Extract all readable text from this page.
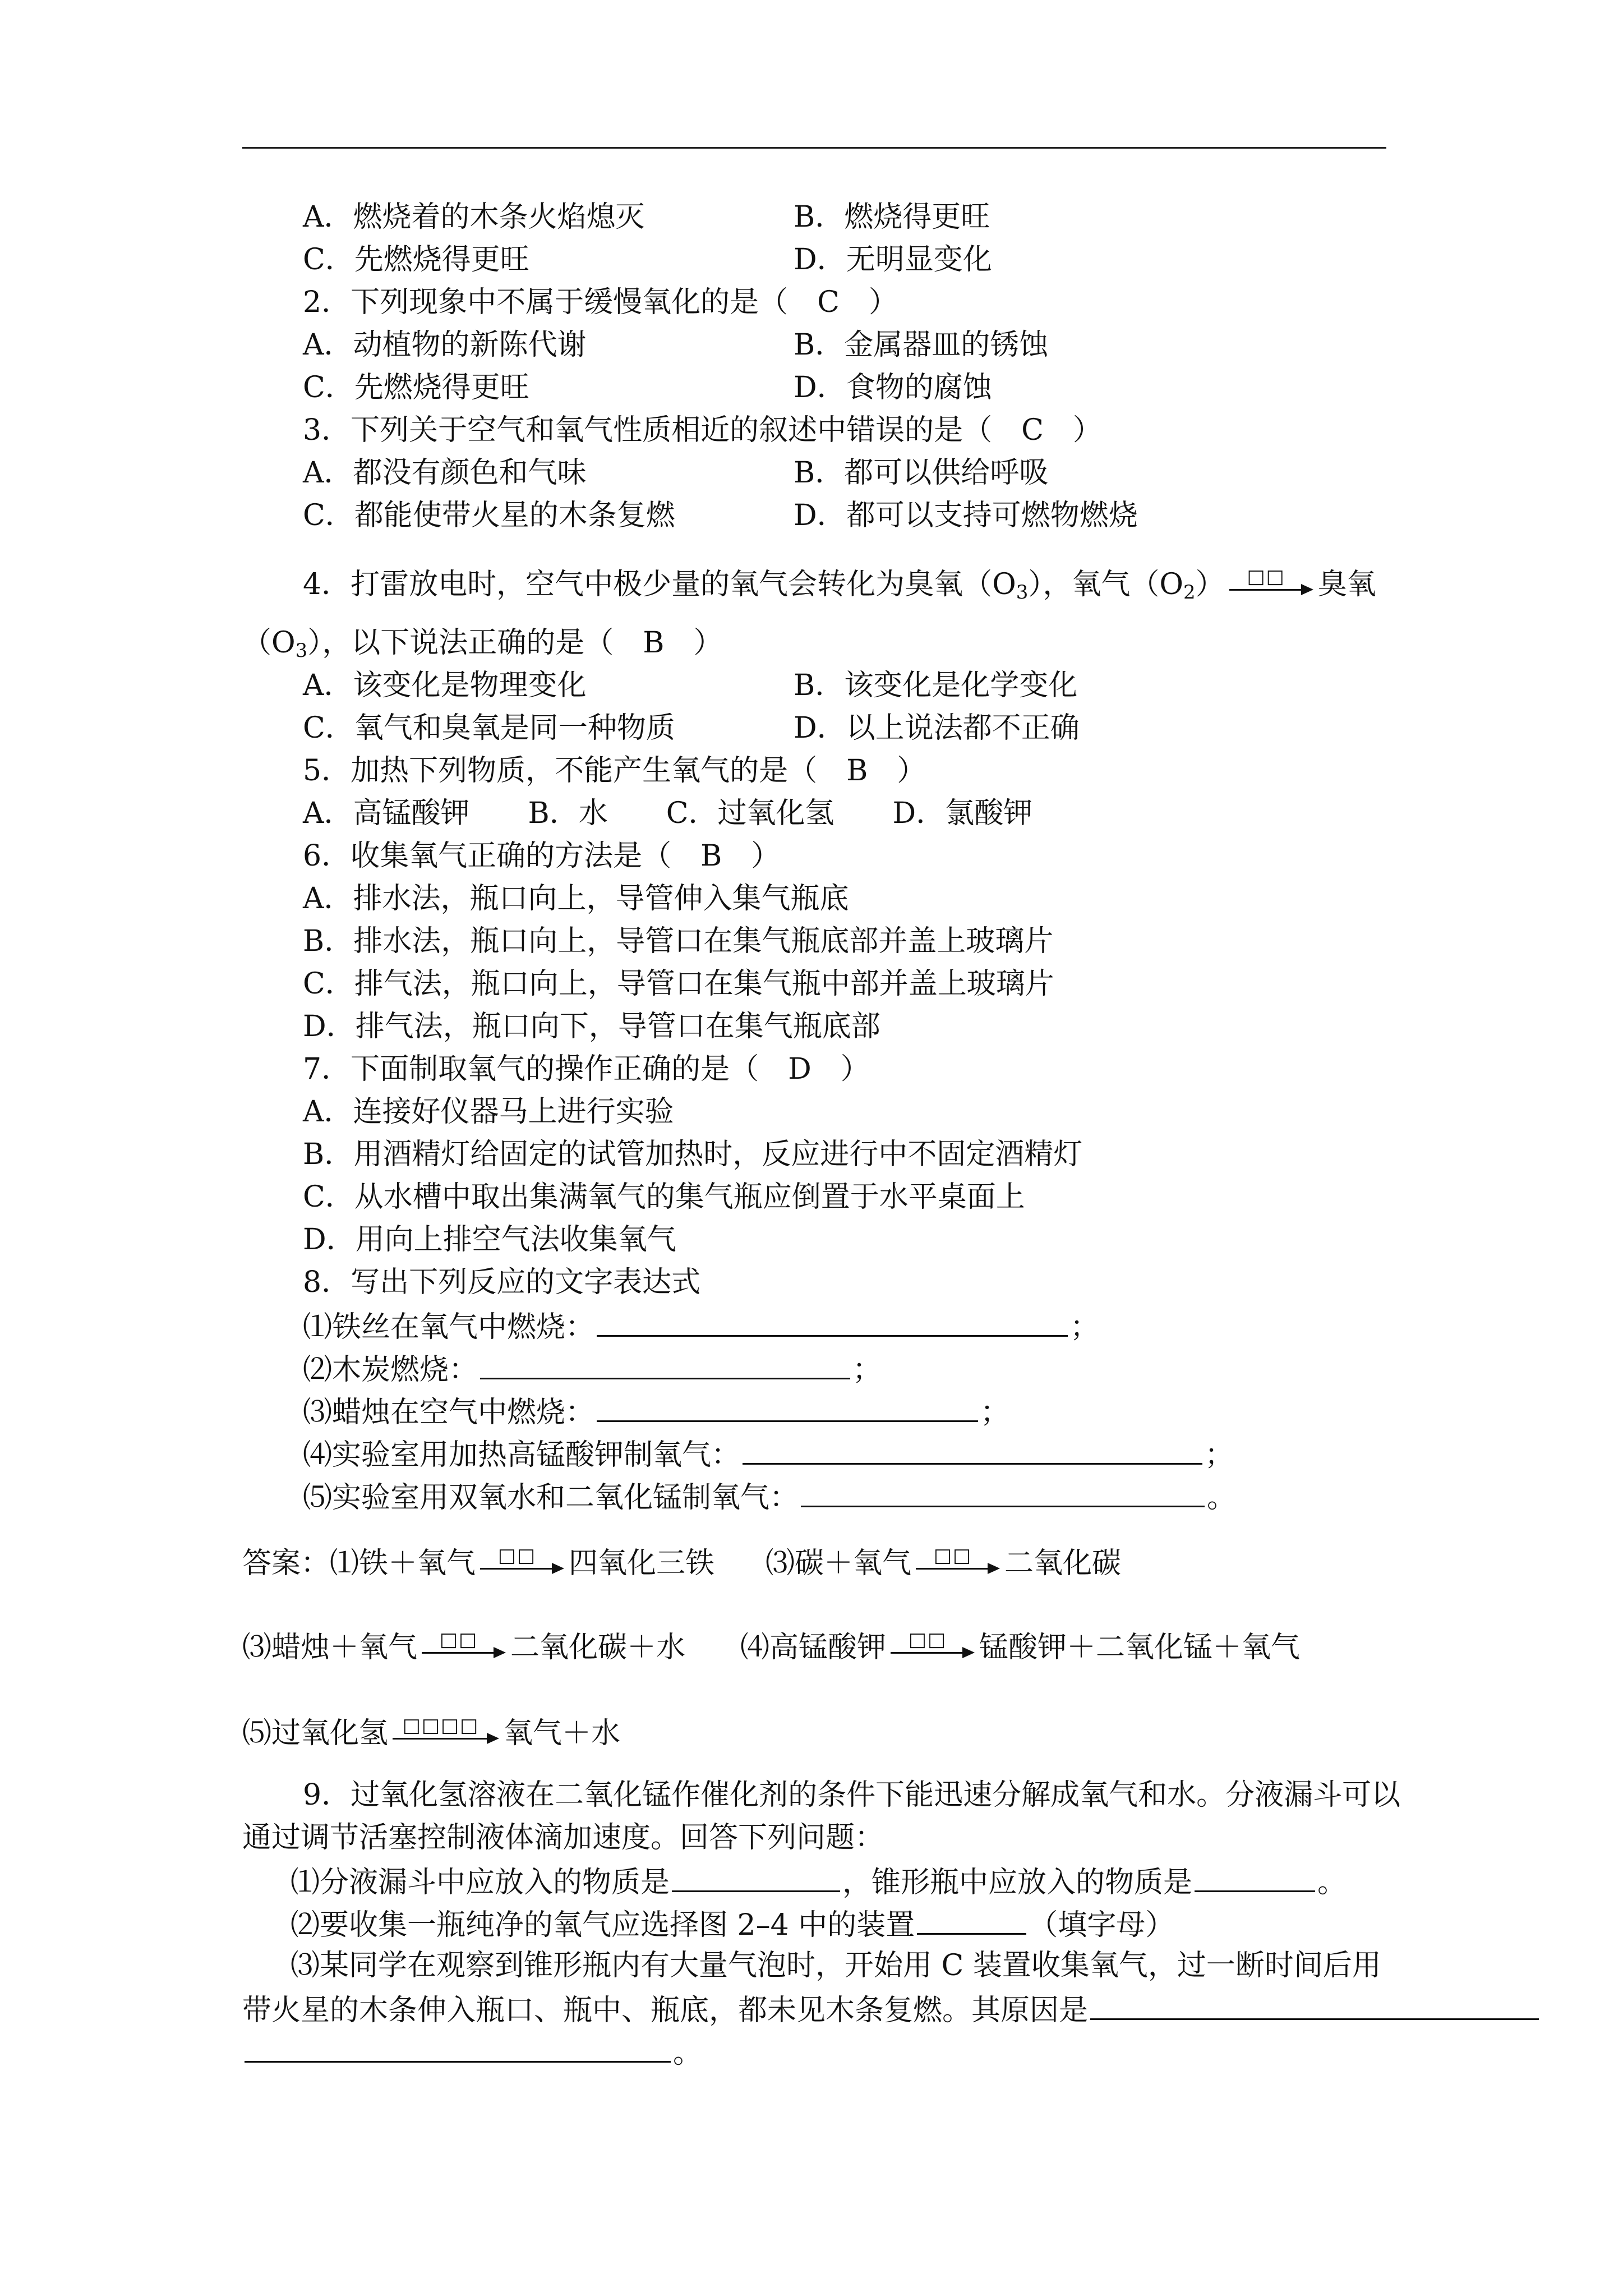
A．燃烧着的木条火焰熄灭	B．燃烧得更旺
C．先燃烧得更旺	D．无明显变化
2．下列现象中不属于缓慢氧化的是（　C　）
A．动植物的新陈代谢	B．金属器皿的锈蚀
C．先燃烧得更旺	D．食物的腐蚀
3．下列关于空气和氧气性质相近的叙述中错误的是（　C　）
A．都没有颜色和气味	B．都可以供给呼吸
C．都能使带火星的木条复燃	D．都可以支持可燃物燃烧
4．打雷放电时，空气中极少量的氧气会转化为臭氧$(O_3)$，氧气$(O_2)$	□□	臭氧
$(O_3)$，以下说法正确的是（　B　）
A．该变化是物理变化	B．该变化是化学变化
C．氧气和臭氧是同一种物质	D．以上说法都不正确
5．加热下列物质，不能产生氧气的是（　B　）
A．高锰酸钾　　B．水　　C．过氧化氢　　D．氯酸钾
6．收集氧气正确的方法是（　B　）
A．排水法，瓶口向上，导管伸入集气瓶底
B．排水法，瓶口向上，导管口在集气瓶底部并盖上玻璃片
C．排气法，瓶口向上，导管口在集气瓶中部并盖上玻璃片
D．排气法，瓶口向下，导管口在集气瓶底部
7．下面制取氧气的操作正确的是（　D　）
A．连接好仪器马上进行实验
B．用酒精灯给固定的试管加热时，反应进行中不固定酒精灯
C．从水槽中取出集满氧气的集气瓶应倒置于水平桌面上
D．用向上排空气法收集氧气
8．写出下列反应的文字表达式
⑴铁丝在氧气中燃烧：	；
⑵木炭燃烧：	；
⑶蜡烛在空气中燃烧：	；
⑷实验室用加热高锰酸钾制氧气：	；
⑸实验室用双氧水和二氧化锰制氧气：	。
答案：⑴铁＋氧气	□□	四氧化三铁 ⑶碳＋氧气	□□	二氧化碳
⑶蜡烛＋氧气	□□	二氧化碳＋水 ⑷高锰酸钾	□□	锰酸钾＋二氧化锰＋氧气
⑸过氧化氢 □□□□ 氧气＋水
9．过氧化氢溶液在二氧化锰作催化剂的条件下能迅速分解成氧气和水。分液漏斗可以
通过调节活塞控制液体滴加速度。回答下列问题：
⑴分液漏斗中应放入的物质是	，锥形瓶中应放入的物质是	。
⑵要收集一瓶纯净的氧气应选择图 2–4 中的装置	（填字母）
⑶某同学在观察到锥形瓶内有大量气泡时，开始用 C 装置收集氧气，过一断时间后用
带火星的木条伸入瓶口、瓶中、瓶底，都未见木条复燃。其原因是
。
